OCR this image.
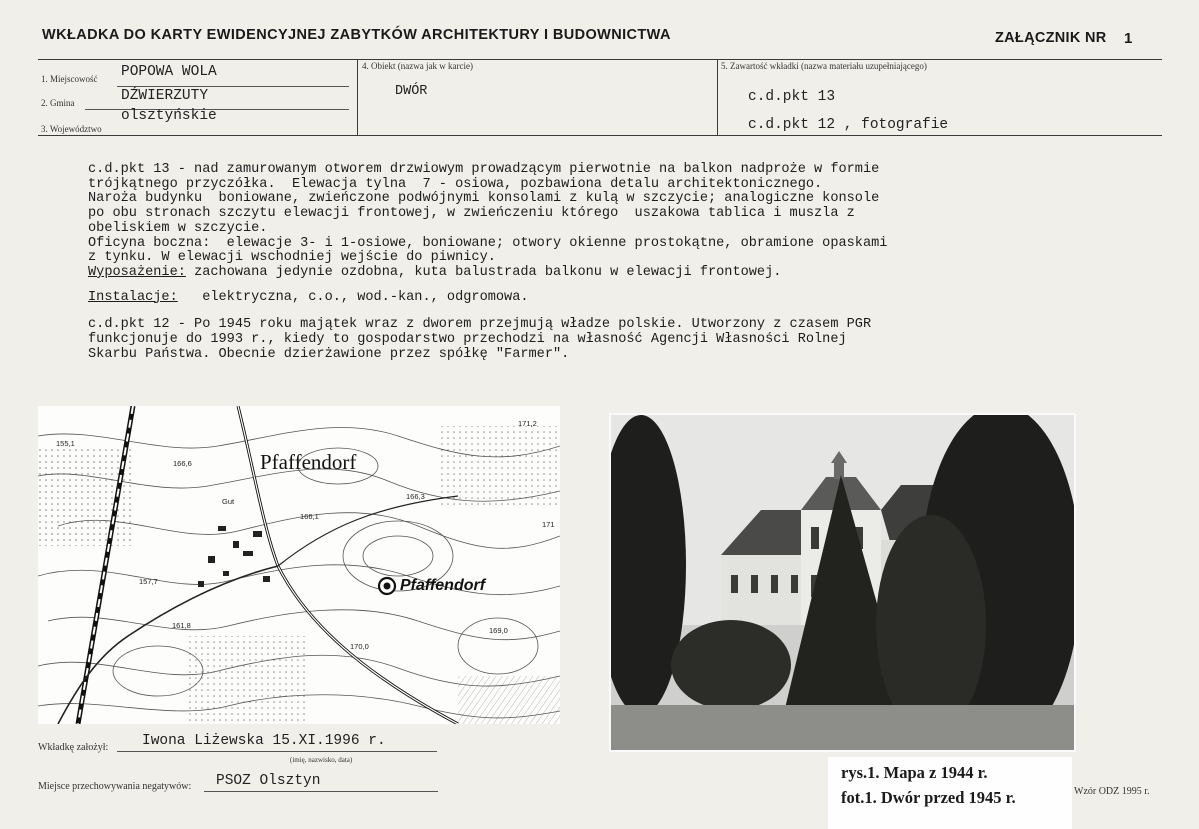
WKŁADKA DO KARTY EWIDENCYJNEJ ZABYTKÓW ARCHITEKTURY I BUDOWNICTWA	ZAŁĄCZNIK NR 1
1. Miejscowość POPOWA WOLA
2. Gmina	DŹWIERZUTY
3. Województwo
olsztyńskie
4. Obiekt (nazwa jak w karcie)
DWÓR
5. Zawartość wkładki (nazwa materiału uzupełniającego)
c.d.pkt 13
c.d.pkt 12 , fotografie
c.d.pkt 13 - nad zamurowanym otworem drzwiowym prowadzącym pierwotnie na balkon nadproże w formie
trójkątnego przyczółka.  Elewacja tylna  7 - osiowa, pozbawiona detalu architektonicznego.
Naroża budynku  boniowane, zwieńczone podwójnymi konsolami z kulą w szczycie; analogiczne konsole
po obu stronach szczytu elewacji frontowej, w zwieńczeniu którego  uszakowa tablica i muszla z
obeliskiem w szczycie.
Oficyna boczna:  elewacje 3- i 1-osiowe, boniowane; otwory okienne prostokątne, obramione opaskami
z tynku. W elewacji wschodniej wejście do piwnicy.
Wyposażenie: zachowana jedynie ozdobna, kuta balustrada balkonu w elewacji frontowej.
Instalacje:   elektryczna, c.o., wod.-kan., odgromowa.
c.d.pkt 12 - Po 1945 roku majątek wraz z dworem przejmują władze polskie. Utworzony z czasem PGR
funkcjonuje do 1993 r., kiedy to gospodarstwo przechodzi na własność Agencji Własności Rolnej
Skarbu Państwa. Obecnie dzierżawione przez spółkę "Farmer".
Pfaffendorf
Pfaffendorf
155,1
166,6
171,2
166,3
166,1
157,7
161,8
170,0
169,0
171
Gut
Wkładkę założył: Iwona Liżewska 15.XI.1996 r.
(imię, nazwisko, data)
Miejsce przechowywania negatywów: PSOZ Olsztyn	rys.1. Mapa z 1944 r.
fot.1. Dwór przed 1945 r.	Wzór ODZ 1995 r.
